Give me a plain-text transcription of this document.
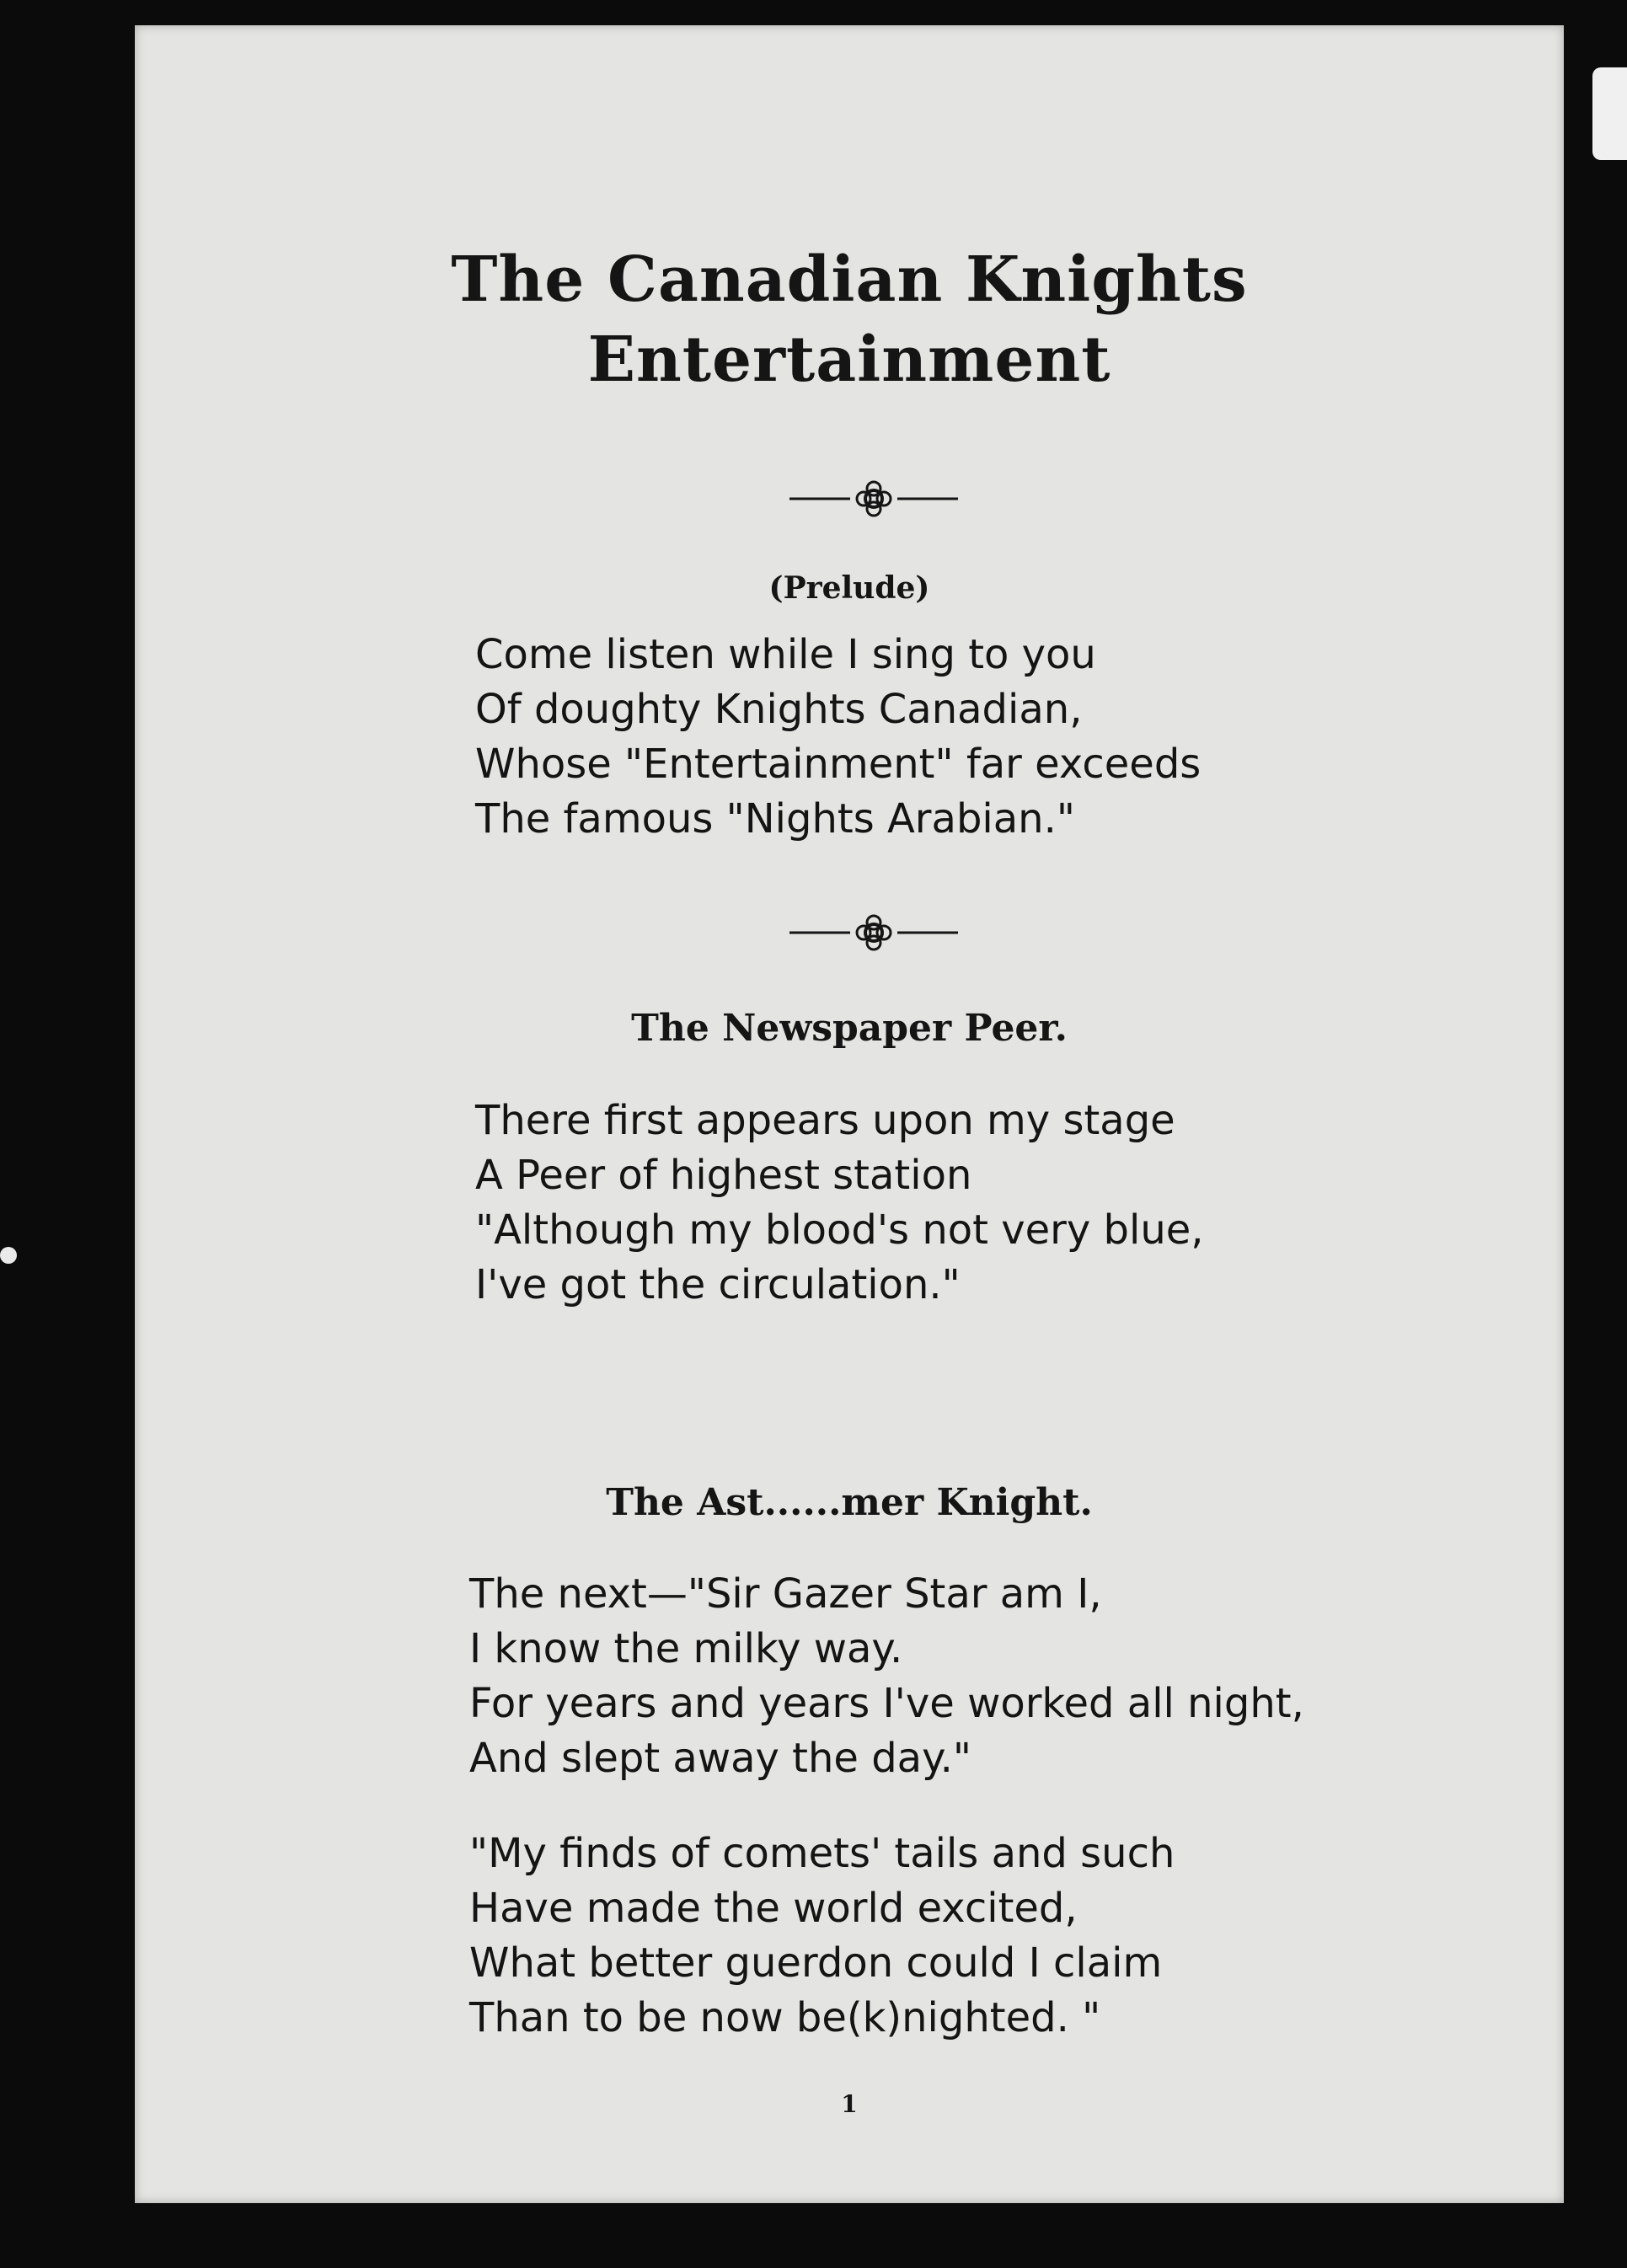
The Canadian Knights
Entertainment
(Prelude)
Come listen while I sing to you
Of doughty Knights Canadian,
Whose "Entertainment" far exceeds
The famous "Nights Arabian."
The Newspaper Peer.
There first appears upon my stage
A Peer of highest station
"Although my blood's not very blue,
I've got the circulation."
The Ast......mer Knight.
The next—"Sir Gazer Star am I,
I know the milky way.
For years and years I've worked all night,
And slept away the day."
"My finds of comets' tails and such
Have made the world excited,
What better guerdon could I claim
Than to be now be(k)nighted. "
1
